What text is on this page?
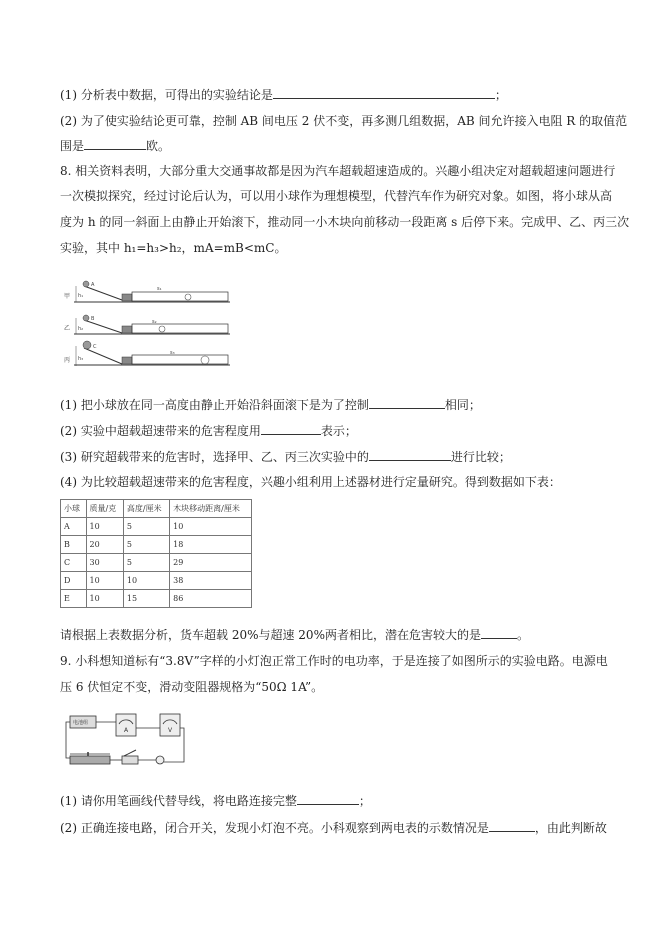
(1) 分析表中数据，可得出的实验结论是	；
(2) 为了使实验结论更可靠，控制 AB 间电压 2 伏不变，再多测几组数据，AB 间允许接入电阻 R 的取值范
围是	欧。
8. 相关资料表明，大部分重大交通事故都是因为汽车超载超速造成的。兴趣小组决定对超载超速问题进行
一次模拟探究，经过讨论后认为，可以用小球作为理想模型，代替汽车作为研究对象。如图，将小球从高
度为 h 的同一斜面上由静止开始滚下，推动同一小木块向前移动一段距离 s 后停下来。完成甲、乙、丙三次
实验，其中 h₁=h₃>h₂，mA=mB<mC。
甲 h₁
A
s₁
乙 h₂
B	s₂
丙 h₃
C
s₃
(1) 把小球放在同一高度由静止开始沿斜面滚下是为了控制	相同；
(2) 实验中超载超速带来的危害程度用	表示；
(3) 研究超载带来的危害时，选择甲、乙、丙三次实验中的	进行比较；
(4) 为比较超载超速带来的危害程度，兴趣小组利用上述器材进行定量研究。得到数据如下表：
小球	质量/克	高度/厘米	木块移动距离/厘米
A	10	5	10
B	20	5	18
C	30	5	29
D	10	10	38
E	10	15	86
请根据上表数据分析，货车超载 20%与超速 20%两者相比，潜在危害较大的是	。
9. 小科想知道标有“3.8V”字样的小灯泡正常工作时的电功率，于是连接了如图所示的实验电路。电源电
压 6 伏恒定不变，滑动变阻器规格为“50Ω 1A”。
电池组
A	V
(1) 请你用笔画线代替导线，将电路连接完整	；
(2) 正确连接电路，闭合开关，发现小灯泡不亮。小科观察到两电表的示数情况是	，由此判断故
